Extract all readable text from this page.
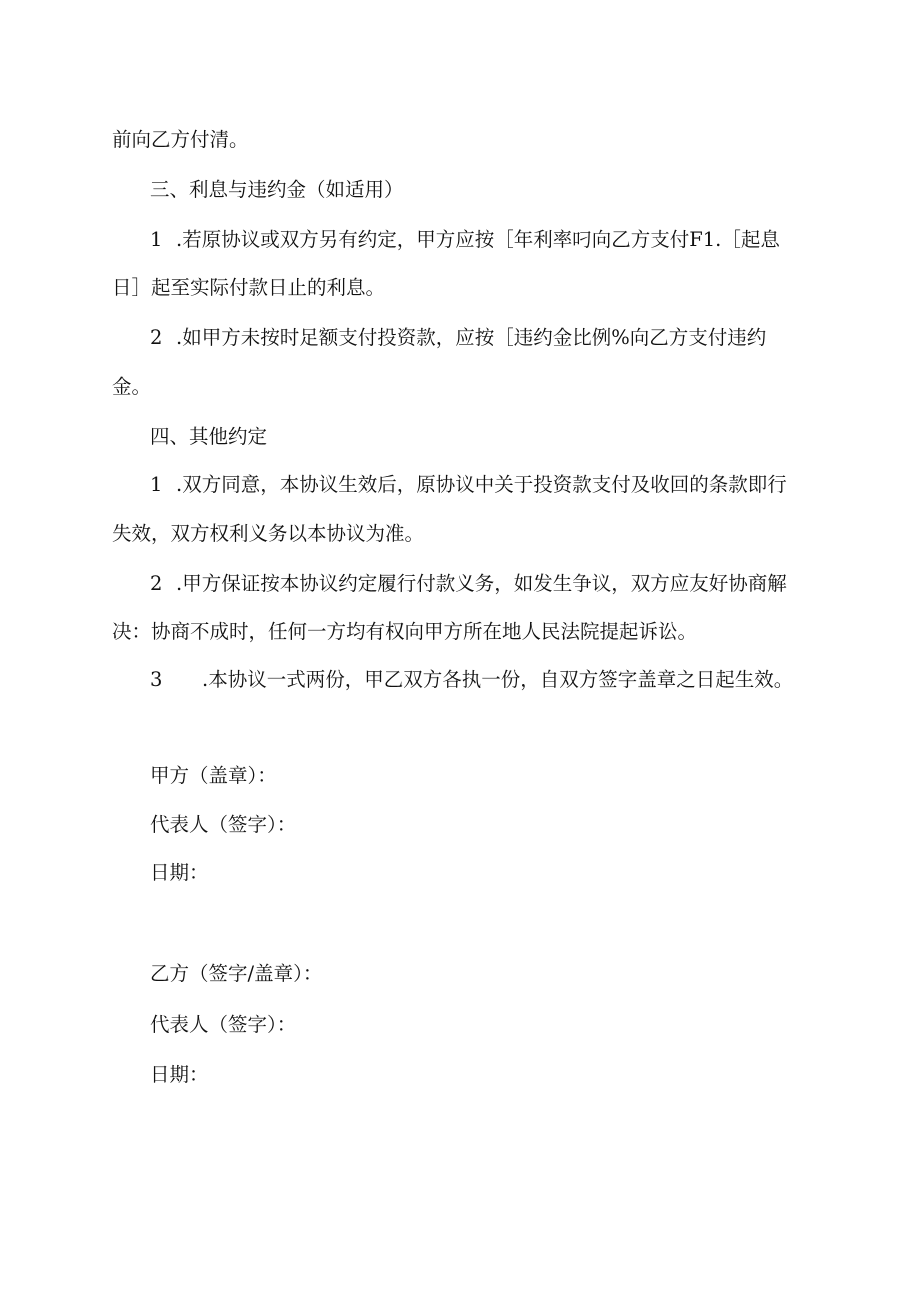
前向乙方付清。
三、利息与违约金（如适用）
1 .若原协议或双方另有约定，甲方应按［年利率叼向乙方支付F1.［起息
日］起至实际付款日止的利息。
2 .如甲方未按时足额支付投资款，应按［违约金比例%向乙方支付违约
金。
四、其他约定
1 .双方同意，本协议生效后，原协议中关于投资款支付及收回的条款即行
失效，双方权利义务以本协议为准。
2 .甲方保证按本协议约定履行付款义务，如发生争议，双方应友好协商解
决：协商不成时，任何一方均有权向甲方所在地人民法院提起诉讼。
3 .本协议一式两份，甲乙双方各执一份，自双方签字盖章之日起生效。
甲方（盖章）：
代表人（签字）：
日期：
乙方（签字/盖章）：
代表人（签字）：
日期：
